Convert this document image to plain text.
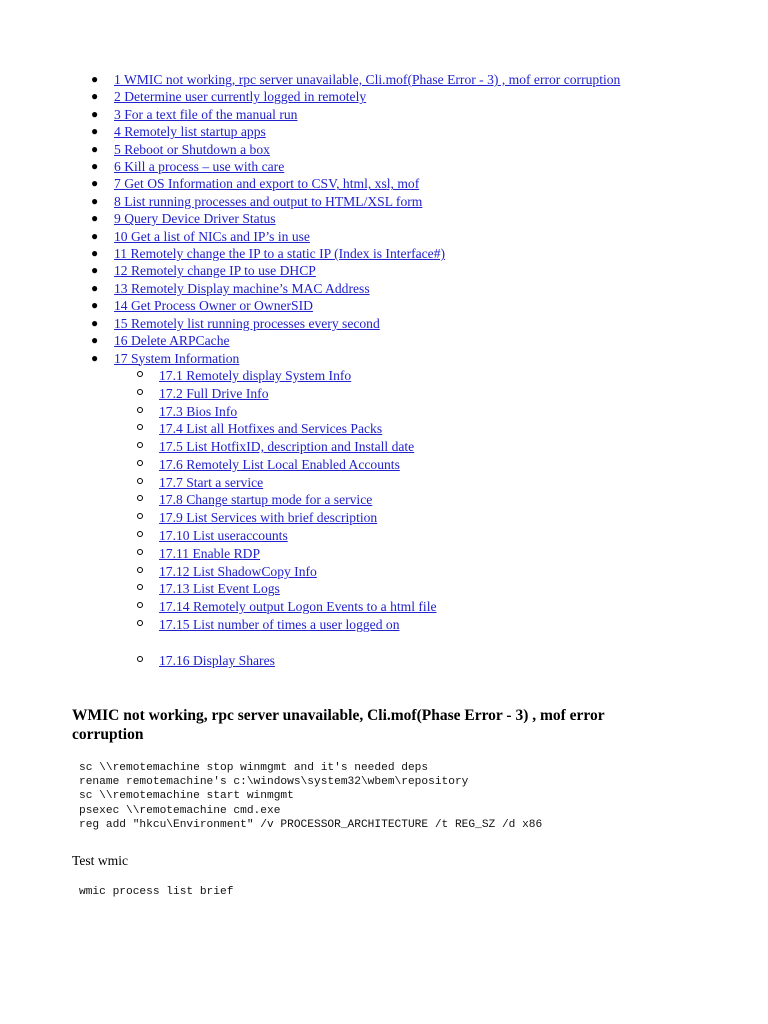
● 1 WMIC not working, rpc server unavailable, Cli.mof(Phase Error - 3) , mof error corruption
● 2 Determine user currently logged in remotely
● 3 For a text file of the manual run
● 4 Remotely list startup apps
● 5 Reboot or Shutdown a box
● 6 Kill a process – use with care
● 7 Get OS Information and export to CSV, html, xsl, mof
● 8 List running processes and output to HTML/XSL form
● 9 Query Device Driver Status
● 10 Get a list of NICs and IP’s in use
● 11 Remotely change the IP to a static IP (Index is Interface#)
● 12 Remotely change IP to use DHCP
● 13 Remotely Display machine’s MAC Address
● 14 Get Process Owner or OwnerSID
● 15 Remotely list running processes every second
● 16 Delete ARPCache
● 17 System Information
17.1 Remotely display System Info
17.2 Full Drive Info
17.3 Bios Info
17.4 List all Hotfixes and Services Packs
17.5 List HotfixID, description and Install date
17.6 Remotely List Local Enabled Accounts
17.7 Start a service
17.8 Change startup mode for a service
17.9 List Services with brief description
17.10 List useraccounts
17.11 Enable RDP
17.12 List ShadowCopy Info
17.13 List Event Logs
17.14 Remotely output Logon Events to a html file
17.15 List number of times a user logged on
17.16 Display Shares
WMIC not working, rpc server unavailable, Cli.mof(Phase Error - 3) , mof error corruption
sc \\remotemachine stop winmgmt and it's needed deps
rename remotemachine's c:\windows\system32\wbem\repository
sc \\remotemachine start winmgmt
psexec \\remotemachine cmd.exe
reg add "hkcu\Environment" /v PROCESSOR_ARCHITECTURE /t REG_SZ /d x86

Test wmic

wmic process list brief
